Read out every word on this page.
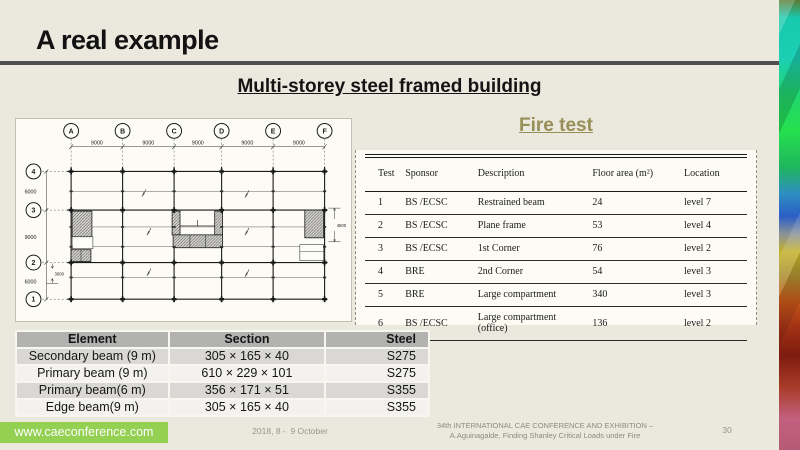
A real example
Multi-storey steel framed building
4500
3000
A	B	C	D	E	F
4
3
2
1
9000	9000	9000	9000	9000
6000
9000
6000
Fire test
Test	Sponsor	Description	Floor area (m²)	Location
1	BS /ECSC	Restrained beam	24	level 7
2	BS /ECSC	Plane frame	53	level 4
3	BS /ECSC	1st Corner	76	level 2
4	BRE	2nd Corner	54	level 3
5	BRE	Large compartment	340	level 3
6	BS /ECSC	Large compartment (office)	136	level 2
Element	Section	Steel
Secondary beam (9 m)	305 × 165 × 40	S275
Primary beam (9 m)	610 × 229 × 101	S275
Primary beam(6 m)	356 × 171 × 51	S355
Edge beam(9 m)	305 × 165 × 40	S355
www.caeconference.com	2018, 8 -  9 October
34th INTERNATIONAL CAE CONFERENCE AND EXHIBITION –
A.Aguinagalde, Finding Shanley Critical Loads under Fire	30
